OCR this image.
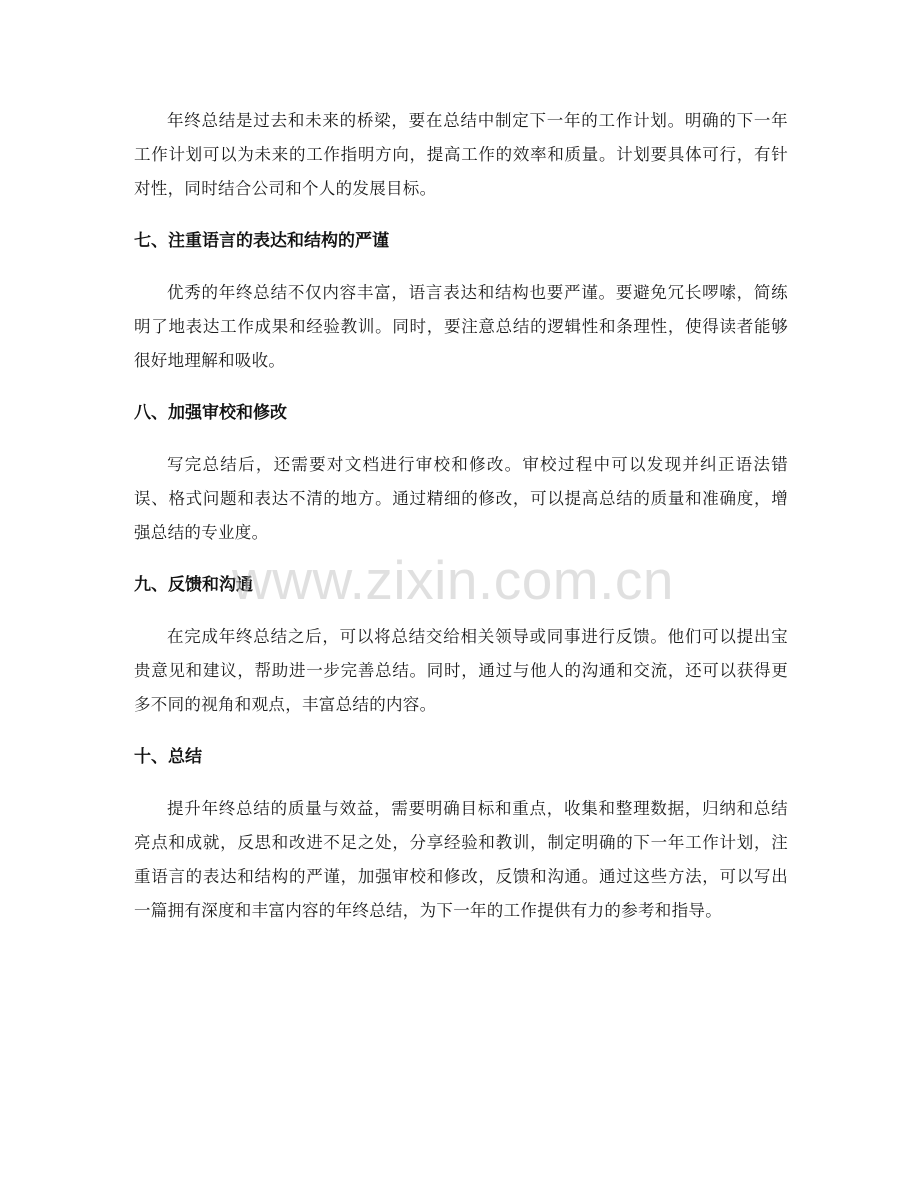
年终总结是过去和未来的桥梁，要在总结中制定下一年的工作计划。明确的下一年工作计划可以为未来的工作指明方向，提高工作的效率和质量。计划要具体可行，有针对性，同时结合公司和个人的发展目标。

七、注重语言的表达和结构的严谨

优秀的年终总结不仅内容丰富，语言表达和结构也要严谨。要避免冗长啰嗦，简练明了地表达工作成果和经验教训。同时，要注意总结的逻辑性和条理性，使得读者能够很好地理解和吸收。

八、加强审校和修改

写完总结后，还需要对文档进行审校和修改。审校过程中可以发现并纠正语法错误、格式问题和表达不清的地方。通过精细的修改，可以提高总结的质量和准确度，增强总结的专业度。

九、反馈和沟通

在完成年终总结之后，可以将总结交给相关领导或同事进行反馈。他们可以提出宝贵意见和建议，帮助进一步完善总结。同时，通过与他人的沟通和交流，还可以获得更多不同的视角和观点，丰富总结的内容。

十、总结

提升年终总结的质量与效益，需要明确目标和重点，收集和整理数据，归纳和总结亮点和成就，反思和改进不足之处，分享经验和教训，制定明确的下一年工作计划，注重语言的表达和结构的严谨，加强审校和修改，反馈和沟通。通过这些方法，可以写出一篇拥有深度和丰富内容的年终总结，为下一年的工作提供有力的参考和指导。

www.zixin.com.cn
